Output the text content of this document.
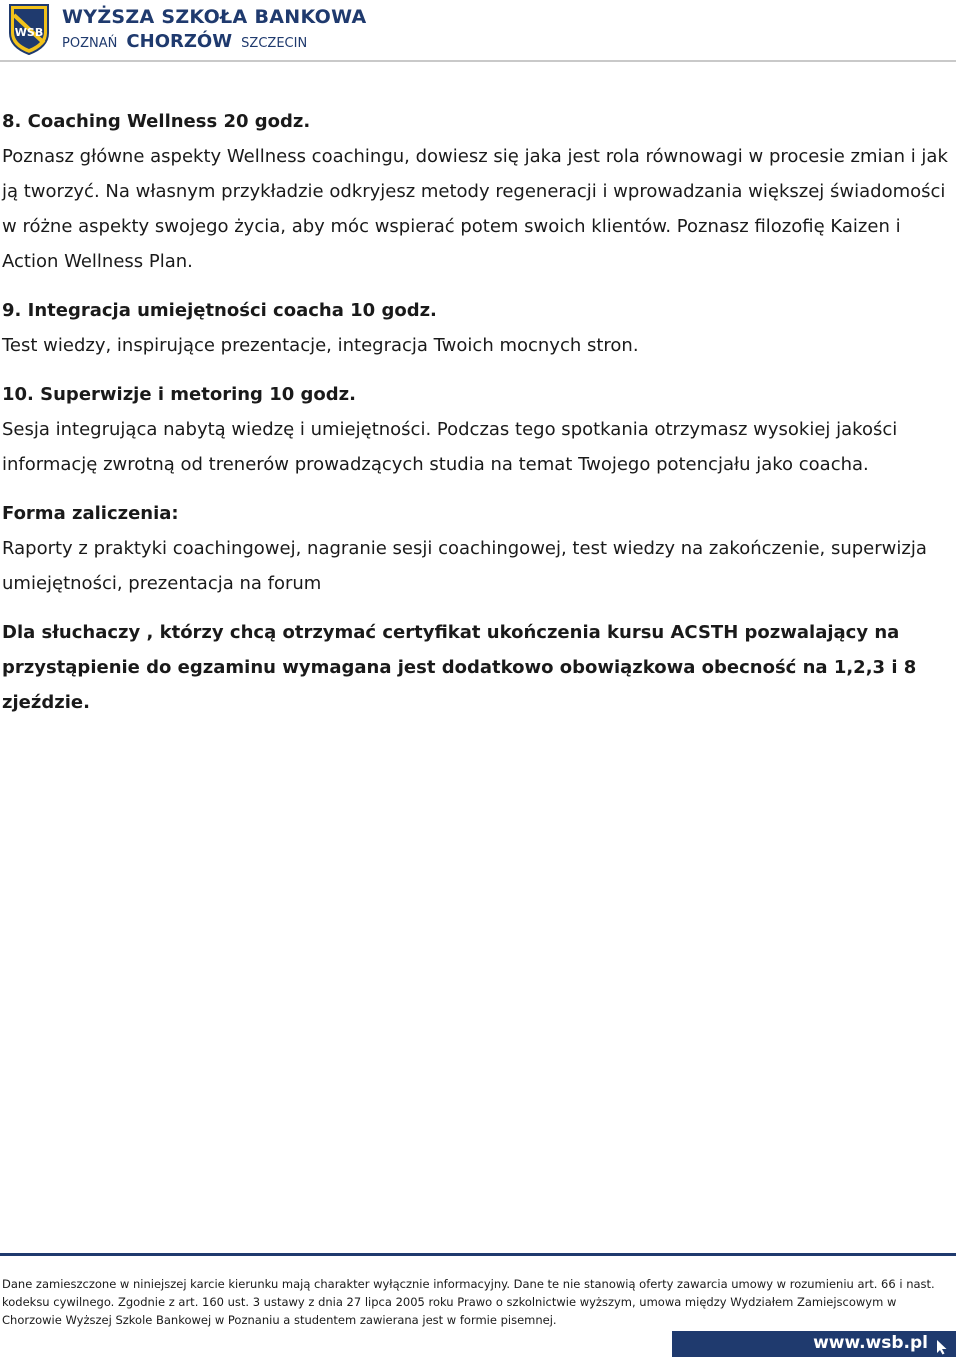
WSB
WYŻSZA SZKOŁA BANKOWA
POZNAŃ CHORZÓW SZCZECIN

8. Coaching Wellness 20 godz.

Poznasz główne aspekty Wellness coachingu, dowiesz się jaka jest rola równowagi w procesie zmian i jak ją tworzyć. Na własnym przykładzie odkryjesz metody regeneracji i wprowadzania większej świadomości w różne aspekty swojego życia, aby móc wspierać potem swoich klientów. Poznasz filozofię Kaizen i Action Wellness Plan.

9. Integracja umiejętności coacha 10 godz.

Test wiedzy, inspirujące prezentacje, integracja Twoich mocnych stron.

10. Superwizje i metoring 10 godz.

Sesja integrująca nabytą wiedzę i umiejętności. Podczas tego spotkania otrzymasz wysokiej jakości informację zwrotną od trenerów prowadzących studia na temat Twojego potencjału jako coacha.

Forma zaliczenia:

Raporty z praktyki coachingowej, nagranie sesji coachingowej, test wiedzy na zakończenie, superwizja umiejętności, prezentacja na forum

Dla słuchaczy , którzy chcą otrzymać certyfikat ukończenia kursu ACSTH pozwalający na przystąpienie do egzaminu wymagana jest dodatkowo obowiązkowa obecność na 1,2,3 i 8 zjeździe.

Dane zamieszczone w niniejszej karcie kierunku mają charakter wyłącznie informacyjny. Dane te nie stanowią oferty zawarcia umowy w rozumieniu art. 66 i nast. kodeksu cywilnego. Zgodnie z art. 160 ust. 3 ustawy z dnia 27 lipca 2005 roku Prawo o szkolnictwie wyższym, umowa między Wydziałem Zamiejscowym w Chorzowie Wyższej Szkole Bankowej w Poznaniu a studentem zawierana jest w formie pisemnej.

www.wsb.pl
